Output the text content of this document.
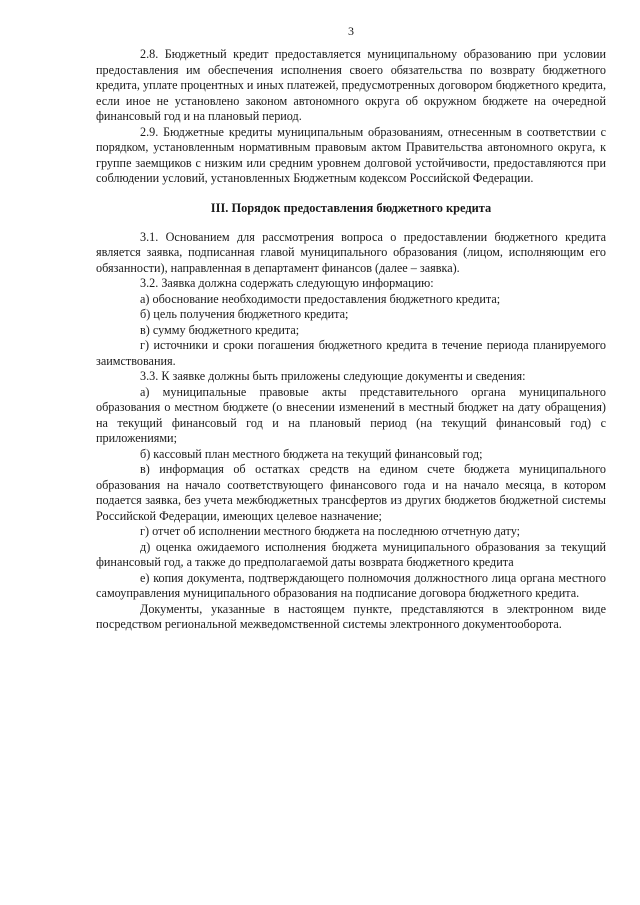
3

2.8. Бюджетный кредит предоставляется муниципальному образованию при условии предоставления им обеспечения исполнения своего обязательства по возврату бюджетного кредита, уплате процентных и иных платежей, предусмотренных договором бюджетного кредита, если иное не установлено законом автономного округа об окружном бюджете на очередной финансовый год и на плановый период.

2.9. Бюджетные кредиты муниципальным образованиям, отнесенным в соответствии с порядком, установленным нормативным правовым актом Правительства автономного округа, к группе заемщиков с низким или средним уровнем долговой устойчивости, предоставляются при соблюдении условий, установленных Бюджетным кодексом Российской Федерации.

III. Порядок предоставления бюджетного кредита

3.1. Основанием для рассмотрения вопроса о предоставлении бюджетного кредита является заявка, подписанная главой муниципального образования (лицом, исполняющим его обязанности), направленная в департамент финансов (далее – заявка).

3.2. Заявка должна содержать следующую информацию:

а) обоснование необходимости предоставления бюджетного кредита;

б) цель получения бюджетного кредита;

в) сумму бюджетного кредита;

г) источники и сроки погашения бюджетного кредита в течение периода планируемого заимствования.

3.3. К заявке должны быть приложены следующие документы и сведения:

а) муниципальные правовые акты представительного органа муниципального образования о местном бюджете (о внесении изменений в местный бюджет на дату обращения) на текущий финансовый год и на плановый период (на текущий финансовый год) с приложениями;

б) кассовый план местного бюджета на текущий финансовый год;

в) информация об остатках средств на едином счете бюджета муниципального образования на начало соответствующего финансового года и на начало месяца, в котором подается заявка, без учета межбюджетных трансфертов из других бюджетов бюджетной системы Российской Федерации, имеющих целевое назначение;

г) отчет об исполнении местного бюджета на последнюю отчетную дату;

д) оценка ожидаемого исполнения бюджета муниципального образования за текущий финансовый год, а также до предполагаемой даты возврата бюджетного кредита

е) копия документа, подтверждающего полномочия должностного лица органа местного самоуправления муниципального образования на подписание договора бюджетного кредита.

Документы, указанные в настоящем пункте, представляются в электронном виде посредством региональной межведомственной системы электронного документооборота.
